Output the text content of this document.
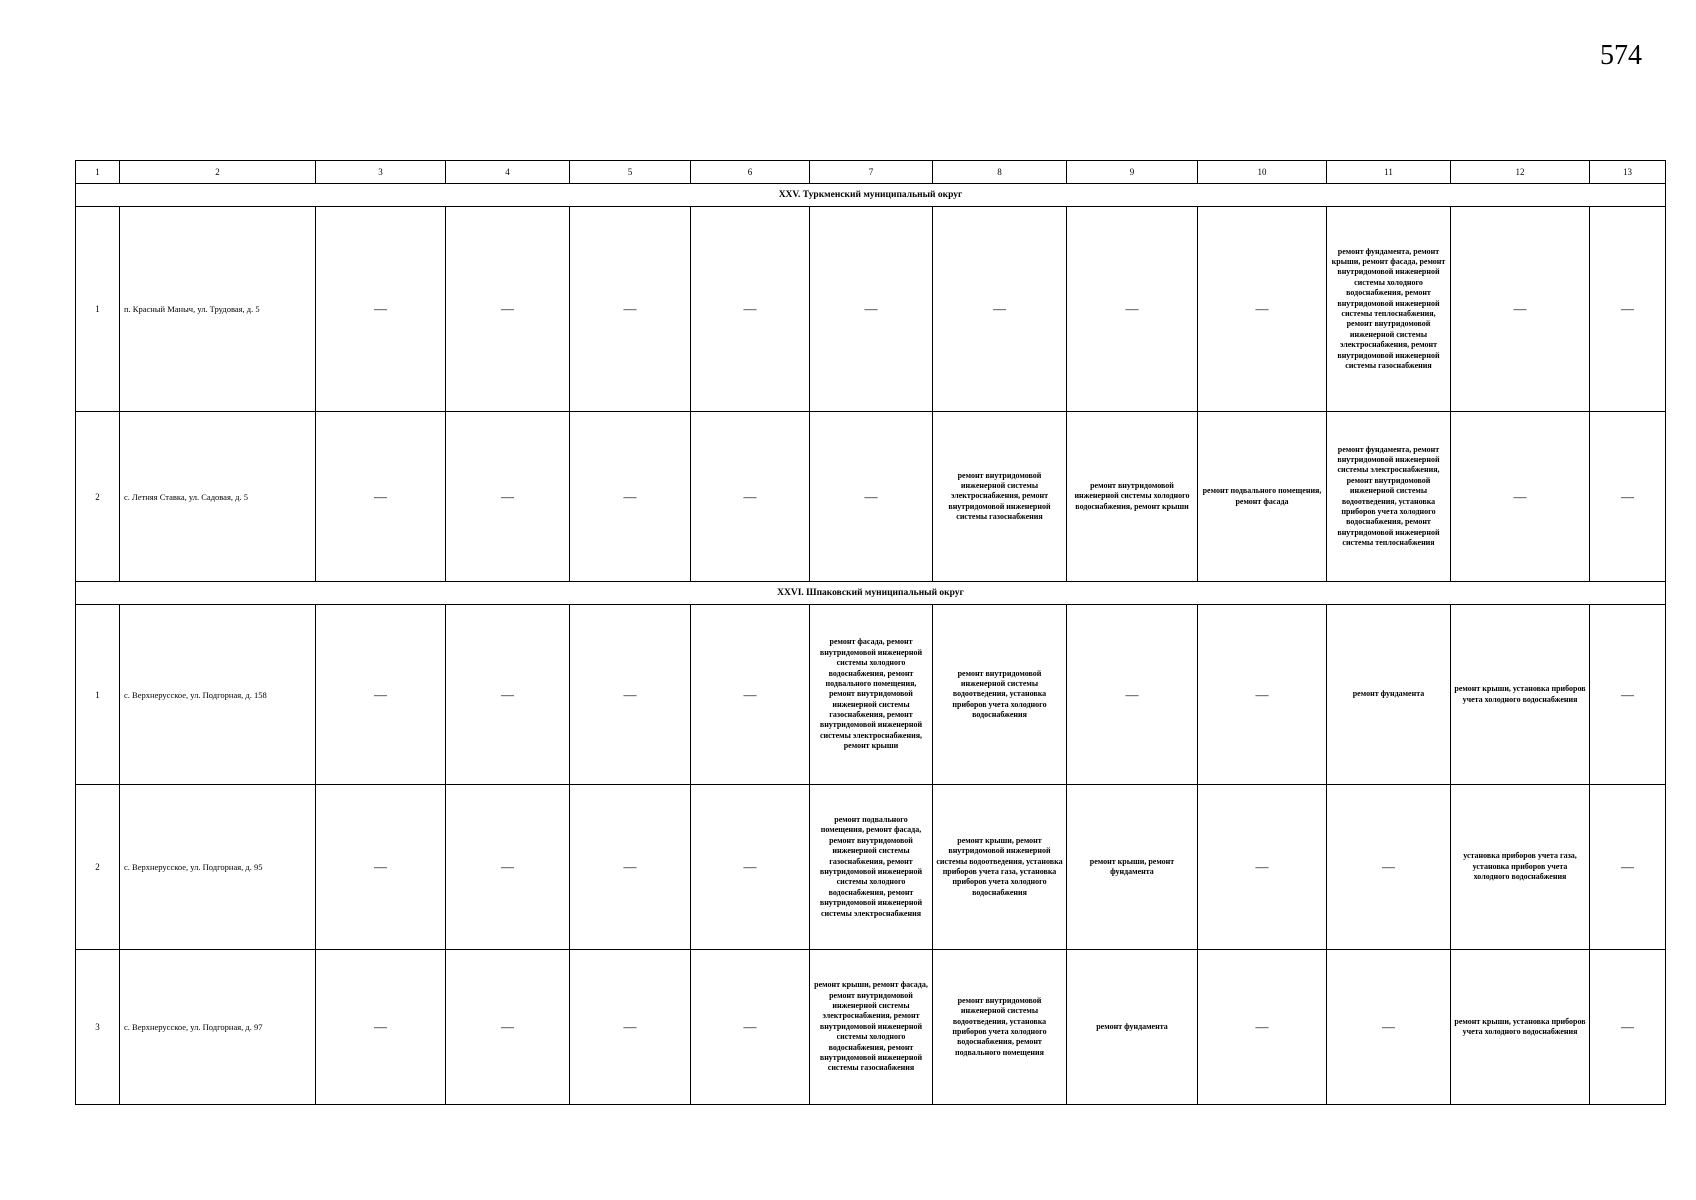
574
1	2	3	4	5	6	7	8	9	10	11	12	13
XXV. Туркменский муниципальный округ												
1	п. Красный Маныч, ул. Трудовая, д. 5	—	—	—	—	—	—	—	—	ремонт фундамента, ремонт крыши, ремонт фасада, ремонт внутридомовой инженерной системы холодного водоснабжения, ремонт внутридомовой инженерной системы теплоснабжения, ремонт внутридомовой инженерной системы электроснабжения, ремонт внутридомовой инженерной системы газоснабжения	—	—
2	с. Летняя Ставка, ул. Садовая, д. 5	—	—	—	—	—	ремонт внутридомовой инженерной системы электроснабжения, ремонт внутридомовой инженерной системы газоснабжения	ремонт внутридомовой инженерной системы холодного водоснабжения, ремонт крыши	ремонт подвального помещения, ремонт фасада	ремонт фундамента, ремонт внутридомовой инженерной системы электроснабжения, ремонт внутридомовой инженерной системы водоотведения, установка приборов учета холодного водоснабжения, ремонт внутридомовой инженерной системы теплоснабжения	—	—
XXVI. Шпаковский муниципальный округ												
1	с. Верхнерусское, ул. Подгорная, д. 158	—	—	—	—	ремонт фасада, ремонт внутридомовой инженерной системы холодного водоснабжения, ремонт подвального помещения, ремонт внутридомовой инженерной системы газоснабжения, ремонт внутридомовой инженерной системы электроснабжения, ремонт крыши	ремонт внутридомовой инженерной системы водоотведения, установка приборов учета холодного водоснабжения	—	—	ремонт фундамента	ремонт крыши, установка приборов учета холодного водоснабжения	—
2	с. Верхнерусское, ул. Подгорная, д. 95	—	—	—	—	ремонт подвального помещения, ремонт фасада, ремонт внутридомовой инженерной системы газоснабжения, ремонт внутридомовой инженерной системы холодного водоснабжения, ремонт внутридомовой инженерной системы электроснабжения	ремонт крыши, ремонт внутридомовой инженерной системы водоотведения, установка приборов учета газа, установка приборов учета холодного водоснабжения	ремонт крыши, ремонт фундамента	—	—	установка приборов учета газа, установка приборов учета холодного водоснабжения	—
3	с. Верхнерусское, ул. Подгорная, д. 97	—	—	—	—	ремонт крыши, ремонт фасада, ремонт внутридомовой инженерной системы электроснабжения, ремонт внутридомовой инженерной системы холодного водоснабжения, ремонт внутридомовой инженерной системы газоснабжения	ремонт внутридомовой инженерной системы водоотведения, установка приборов учета холодного водоснабжения, ремонт подвального помещения	ремонт фундамента	—	—	ремонт крыши, установка приборов учета холодного водоснабжения	—
